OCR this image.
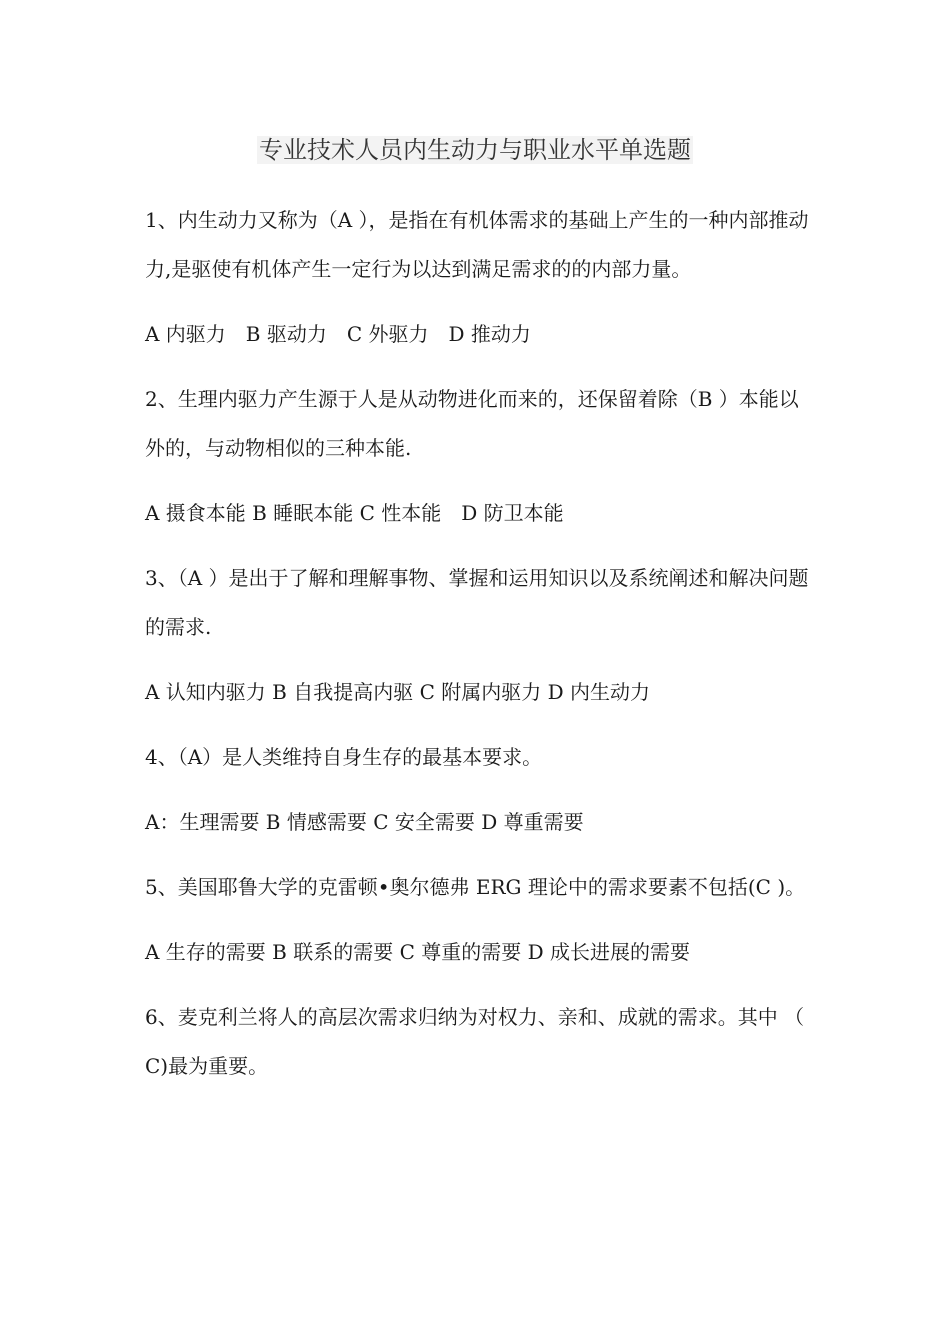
专业技术人员内生动力与职业水平单选题

1、内生动力又称为（A ），是指在有机体需求的基础上产生的一种内部推动力,是驱使有机体产生一定行为以达到满足需求的的内部力量。

A 内驱力　B 驱动力　C 外驱力　D 推动力

2、生理内驱力产生源于人是从动物进化而来的，还保留着除（B ）本能以外的，与动物相似的三种本能.

A 摄食本能 B 睡眠本能 C 性本能　D 防卫本能

3、（A ）是出于了解和理解事物、掌握和运用知识以及系统阐述和解决问题的需求.

A 认知内驱力 B 自我提高内驱 C 附属内驱力 D 内生动力

4、（A）是人类维持自身生存的最基本要求。

A：生理需要 B 情感需要 C 安全需要 D 尊重需要

5、美国耶鲁大学的克雷顿•奥尔德弗 ERG 理论中的需求要素不包括(C )。

A 生存的需要 B 联系的需要 C 尊重的需要 D 成长进展的需要

6、麦克利兰将人的高层次需求归纳为对权力、亲和、成就的需求。其中 （ C)最为重要。
